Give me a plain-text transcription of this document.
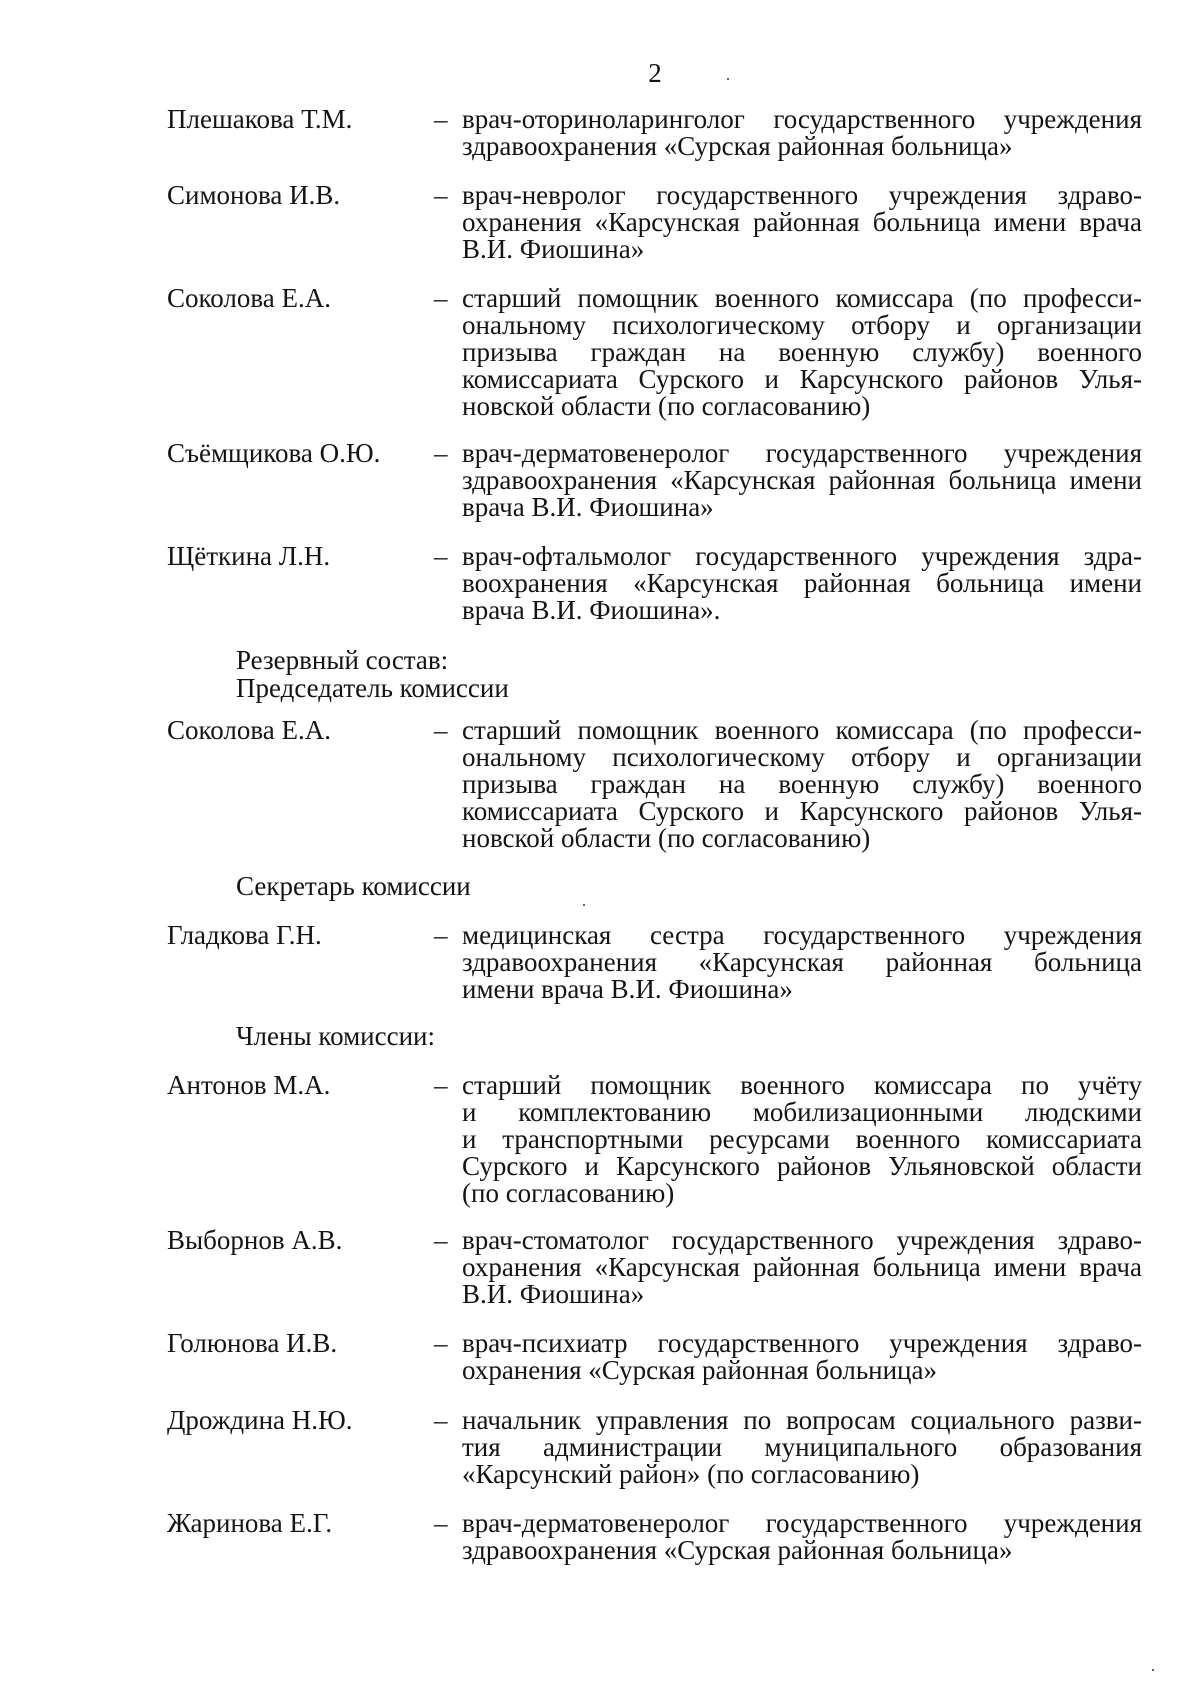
2
Плешакова Т.М.	– врач-оториноларинголог государственного учреждения
здравоохранения «Сурская районная больница»
Симонова И.В.	– врач-невролог государственного учреждения здраво-
охранения «Карсунская районная больница имени врача
В.И. Фиошина»
Соколова Е.А.	– старший помощник военного комиссара (по професси-
ональному психологическому отбору и организации
призыва граждан на военную службу) военного
комиссариата Сурского и Карсунского районов Улья-
новской области (по согласованию)
Съёмщикова О.Ю. – врач-дерматовенеролог государственного учреждения
здравоохранения «Карсунская районная больница имени
врача В.И. Фиошина»
Щёткина Л.Н.	– врач-офтальмолог государственного учреждения здра-
воохранения «Карсунская районная больница имени
врача В.И. Фиошина».
Резервный состав:
Председатель комиссии
Соколова Е.А.	– старший помощник военного комиссара (по професси-
ональному психологическому отбору и организации
призыва граждан на военную службу) военного
комиссариата Сурского и Карсунского районов Улья-
новской области (по согласованию)
Секретарь комиссии
Гладкова Г.Н.	– медицинская сестра государственного учреждения
здравоохранения «Карсунская районная больница
имени врача В.И. Фиошина»
Члены комиссии:
Антонов М.А.	– старший помощник военного комиссара по учёту
и комплектованию мобилизационными людскими
и транспортными ресурсами военного комиссариата
Сурского и Карсунского районов Ульяновской области
(по согласованию)
Выборнов А.В.	– врач-стоматолог государственного учреждения здраво-
охранения «Карсунская районная больница имени врача
В.И. Фиошина»
Голюнова И.В.	– врач-психиатр государственного учреждения здраво-
охранения «Сурская районная больница»
Дрождина Н.Ю.	– начальник управления по вопросам социального разви-
тия администрации муниципального образования
«Карсунский район» (по согласованию)
Жаринова Е.Г.	– врач-дерматовенеролог государственного учреждения
здравоохранения «Сурская районная больница»
